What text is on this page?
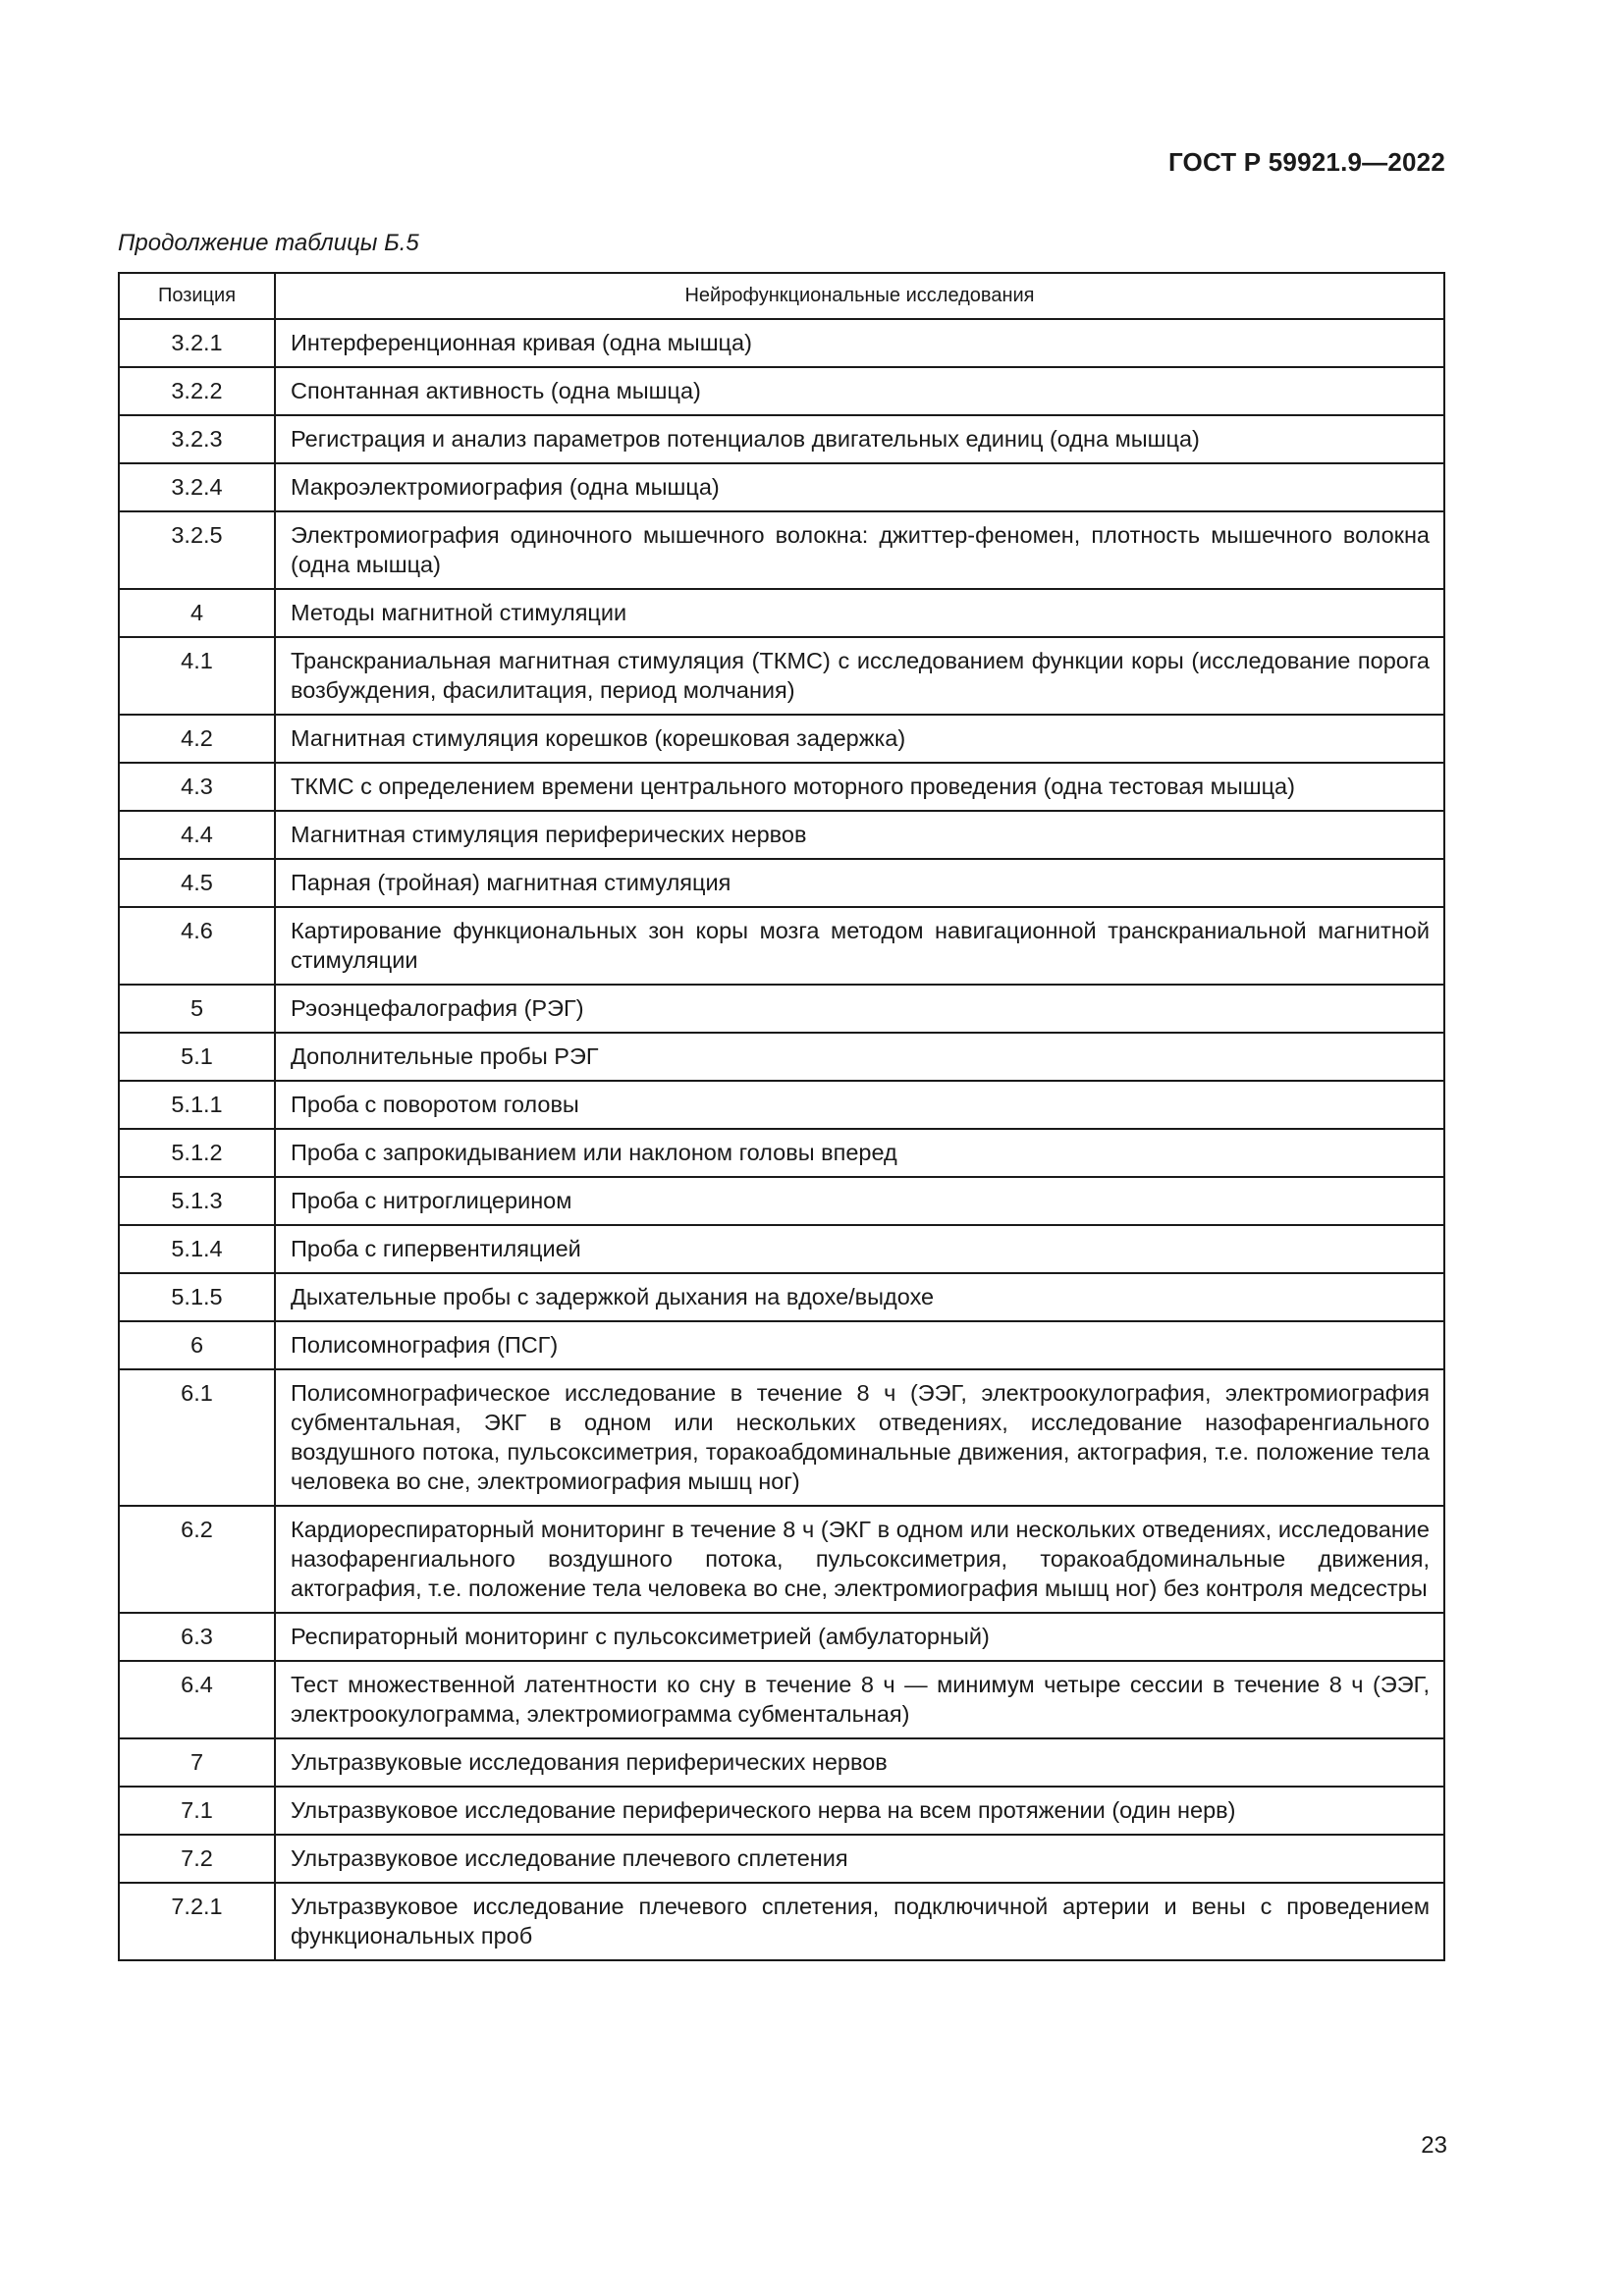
ГОСТ Р 59921.9—2022
Продолжение таблицы Б.5
Позиция	Нейрофункциональные исследования
3.2.1	Интерференционная кривая (одна мышца)
3.2.2	Спонтанная активность (одна мышца)
3.2.3	Регистрация и анализ параметров потенциалов двигательных единиц (одна мышца)
3.2.4	Макроэлектромиография (одна мышца)
3.2.5	Электромиография одиночного мышечного волокна: джиттер-феномен, плотность мышечного волокна (одна мышца)
4	Методы магнитной стимуляции
4.1	Транскраниальная магнитная стимуляция (ТКМС) с исследованием функции коры (исследование порога возбуждения, фасилитация, период молчания)
4.2	Магнитная стимуляция корешков (корешковая задержка)
4.3	ТКМС с определением времени центрального моторного проведения (одна тестовая мышца)
4.4	Магнитная стимуляция периферических нервов
4.5	Парная (тройная) магнитная стимуляция
4.6	Картирование функциональных зон коры мозга методом навигационной транскраниальной магнитной стимуляции
5	Рэоэнцефалография (РЭГ)
5.1	Дополнительные пробы РЭГ
5.1.1	Проба с поворотом головы
5.1.2	Проба с запрокидыванием или наклоном головы вперед
5.1.3	Проба с нитроглицерином
5.1.4	Проба с гипервентиляцией
5.1.5	Дыхательные пробы с задержкой дыхания на вдохе/выдохе
6	Полисомнография (ПСГ)
6.1	Полисомнографическое исследование в течение 8 ч (ЭЭГ, электроокулография, электромиография субментальная, ЭКГ в одном или нескольких отведениях, исследование назофаренгиального воздушного потока, пульсоксиметрия, торакоабдоминальные движения, актография, т.е. положение тела человека во сне, электромиография мышц ног)
6.2	Кардиореспираторный мониторинг в течение 8 ч (ЭКГ в одном или нескольких отведениях, исследование назофаренгиального воздушного потока, пульсоксиметрия, торакоабдоминальные движения, актография, т.е. положение тела человека во сне, электромиография мышц ног) без контроля медсестры
6.3	Респираторный мониторинг с пульсоксиметрией (амбулаторный)
6.4	Тест множественной латентности ко сну в течение 8 ч — минимум четыре сессии в течение 8 ч (ЭЭГ, электроокулограмма, электромиограмма субментальная)
7	Ультразвуковые исследования периферических нервов
7.1	Ультразвуковое исследование периферического нерва на всем протяжении (один нерв)
7.2	Ультразвуковое исследование плечевого сплетения
7.2.1	Ультразвуковое исследование плечевого сплетения, подключичной артерии и вены с проведением функциональных проб
23
